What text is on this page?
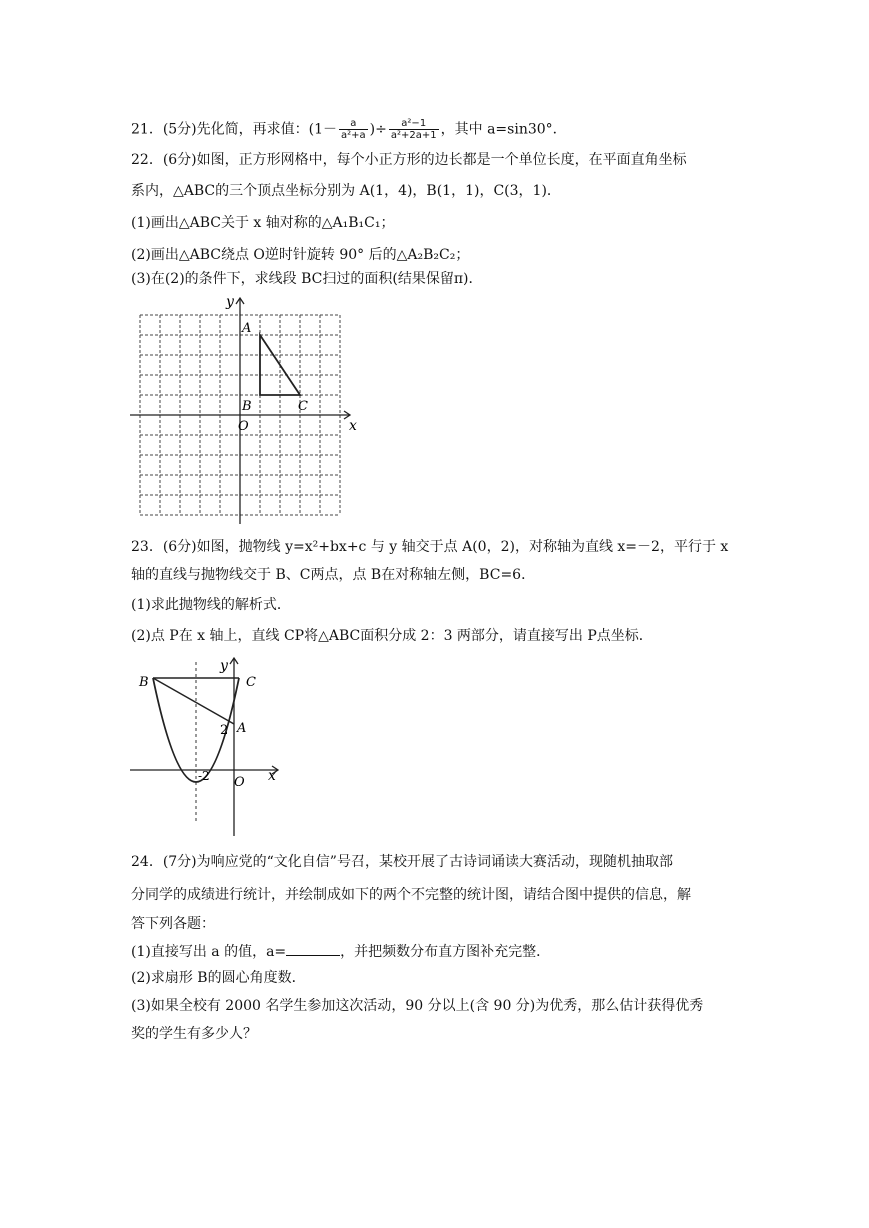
21．(5分)先化简，再求值：($1- \frac{a}{\text{a²+a}}$ )÷ $\frac{\text{a²−1}}{\text{a²+2a+1}}$ ，其中 a=sin30°．
22．(6分)如图，正方形网格中，每个小正方形的边长都是一个单位长度，在平面直角坐标
系内，△ABC的三个顶点坐标分别为 A(1，4)，B(1，1)，C(3，1)．
(1)画出△ABC关于 x 轴对称的△A₁B₁C₁；
(2)画出△ABC绕点 O逆时针旋转 90° 后的△A₂B₂C₂；
(3)在(2)的条件下，求线段 BC扫过的面积(结果保留π)．
y
x
A
B	C
O
23．(6分)如图，抛物线 y=x²+bx+c 与 y 轴交于点 A(0，2)，对称轴为直线 x=－2，平行于 x
轴的直线与抛物线交于 B、C两点，点 B在对称轴左侧，BC=6．
(1)求此抛物线的解析式．
(2)点 P在 x 轴上，直线 CP将△ABC面积分成 2：3 两部分，请直接写出 P点坐标．
y
x
B	C
A
2
-2 O
24．(7分)为响应党的“文化自信”号召，某校开展了古诗词诵读大赛活动，现随机抽取部
分同学的成绩进行统计，并绘制成如下的两个不完整的统计图，请结合图中提供的信息，解
答下列各题：
(1)直接写出 a 的值，a=	，并把频数分布直方图补充完整．
(2)求扇形 B的圆心角度数．
(3)如果全校有 2000 名学生参加这次活动，90 分以上(含 90 分)为优秀，那么估计获得优秀
奖的学生有多少人？
